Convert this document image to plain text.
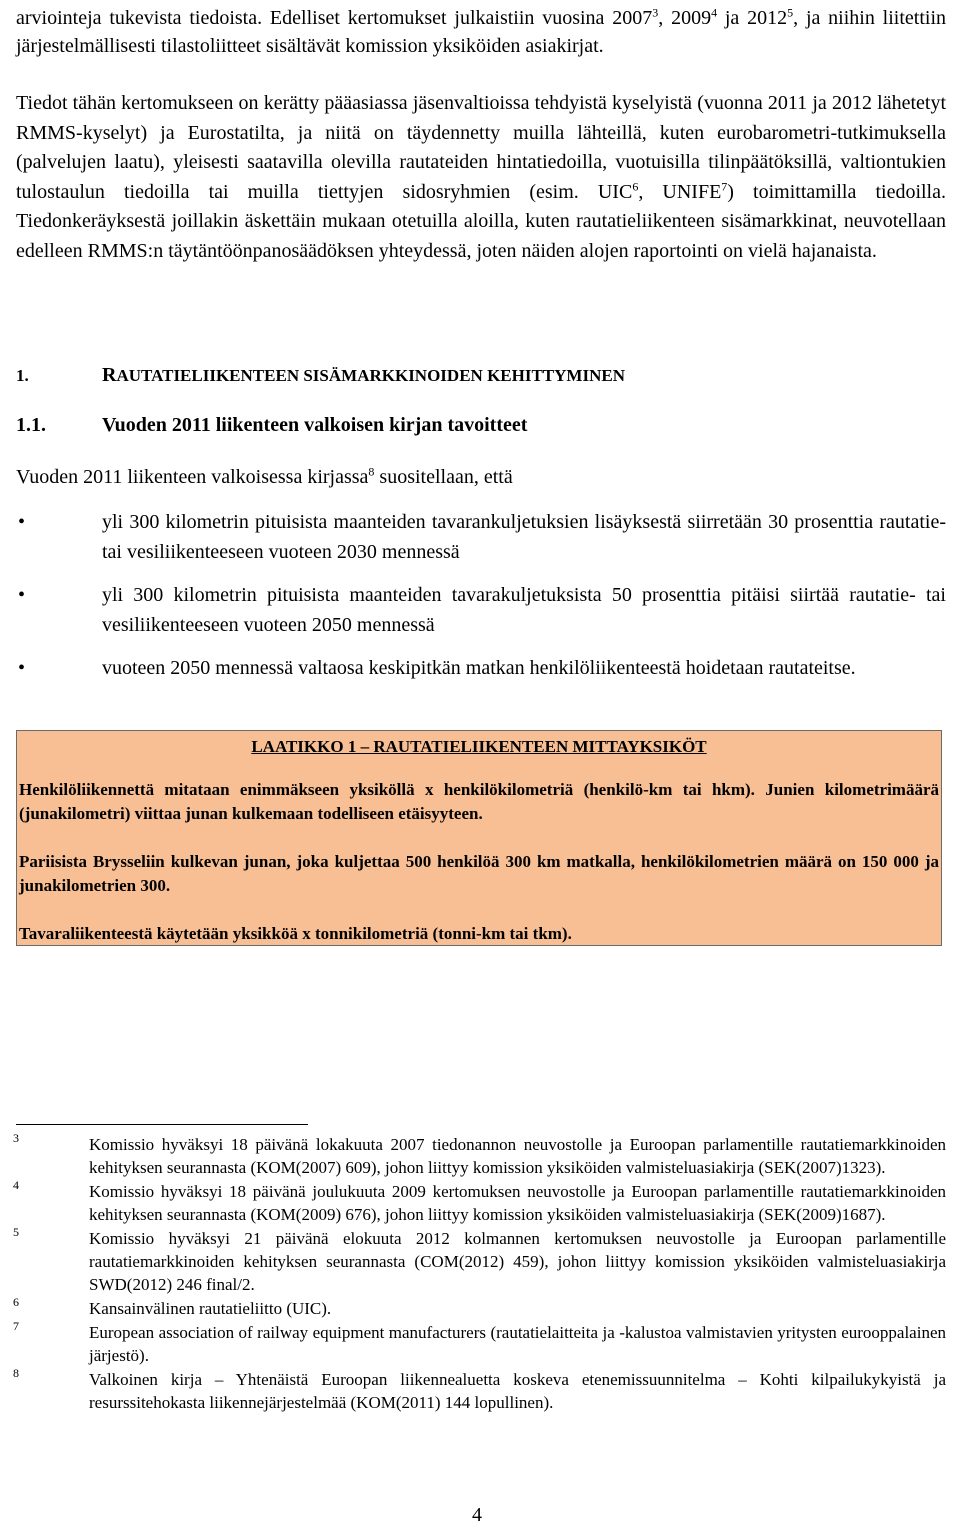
arviointeja tukevista tiedoista. Edelliset kertomukset julkaistiin vuosina 2007$^3$, 2009$^4$ ja 2012$^5$, ja niihin liitettiin järjestelmällisesti tilastoliitteet sisältävät komission yksiköiden asiakirjat.

Tiedot tähän kertomukseen on kerätty pääasiassa jäsenvaltioissa tehdyistä kyselyistä (vuonna 2011 ja 2012 lähetetyt RMMS-kyselyt) ja Eurostatilta, ja niitä on täydennetty muilla lähteillä, kuten eurobarometri-tutkimuksella (palvelujen laatu), yleisesti saatavilla olevilla rautateiden hintatiedoilla, vuotuisilla tilinpäätöksillä, valtiontukien tulostaulun tiedoilla tai muilla tiettyjen sidosryhmien (esim. UIC$^6$, UNIFE$^7$) toimittamilla tiedoilla. Tiedonkeräyksestä joillakin äskettäin mukaan otetuilla aloilla, kuten rautatieliikenteen sisämarkkinat, neuvotellaan edelleen RMMS:n täytäntöönpanosäädöksen yhteydessä, joten näiden alojen raportointi on vielä hajanaista.

1.	RAUTATIELIIKENTEEN SISÄMARKKINOIDEN KEHITTYMINEN
1.1.	Vuoden 2011 liikenteen valkoisen kirjan tavoitteet

Vuoden 2011 liikenteen valkoisessa kirjassa$^8$ suositellaan, että

•	yli 300 kilometrin pituisista maanteiden tavarankuljetuksien lisäyksestä siirretään 30 prosenttia rautatie- tai vesiliikenteeseen vuoteen 2030 mennessä
•	yli 300 kilometrin pituisista maanteiden tavarakuljetuksista 50 prosenttia pitäisi siirtää rautatie- tai vesiliikenteeseen vuoteen 2050 mennessä
•	vuoteen 2050 mennessä valtaosa keskipitkän matkan henkilöliikenteestä hoidetaan rautateitse.
LAATIKKO 1 – RAUTATIELIIKENTEEN MITTAYKSIKÖT

Henkilöliikennettä mitataan enimmäkseen yksiköllä x henkilökilometriä (henkilö-km tai hkm). Junien kilometrimäärä (junakilometri) viittaa junan kulkemaan todelliseen etäisyyteen.

Pariisista Brysseliin kulkevan junan, joka kuljettaa 500 henkilöä 300 km matkalla, henkilökilometrien määrä on 150 000 ja junakilometrien 300.

Tavaraliikenteestä käytetään yksikköä x tonnikilometriä (tonni-km tai tkm).

3	Komissio hyväksyi 18 päivänä lokakuuta 2007 tiedonannon neuvostolle ja Euroopan parlamentille rautatiemarkkinoiden kehityksen seurannasta (KOM(2007) 609), johon liittyy komission yksiköiden valmisteluasiakirja (SEK(2007)1323).
4	Komissio hyväksyi 18 päivänä joulukuuta 2009 kertomuksen neuvostolle ja Euroopan parlamentille rautatiemarkkinoiden kehityksen seurannasta (KOM(2009) 676), johon liittyy komission yksiköiden valmisteluasiakirja (SEK(2009)1687).
5	Komissio hyväksyi 21 päivänä elokuuta 2012 kolmannen kertomuksen neuvostolle ja Euroopan parlamentille rautatiemarkkinoiden kehityksen seurannasta (COM(2012) 459), johon liittyy komission yksiköiden valmisteluasiakirja SWD(2012) 246 final/2.
6	Kansainvälinen rautatieliitto (UIC).
7	European association of railway equipment manufacturers (rautatielaitteita ja -kalustoa valmistavien yritysten eurooppalainen järjestö).
8	Valkoinen kirja – Yhtenäistä Euroopan liikennealuetta koskeva etenemissuunnitelma – Kohti kilpailukykyistä ja resurssitehokasta liikennejärjestelmää (KOM(2011) 144 lopullinen).
4
